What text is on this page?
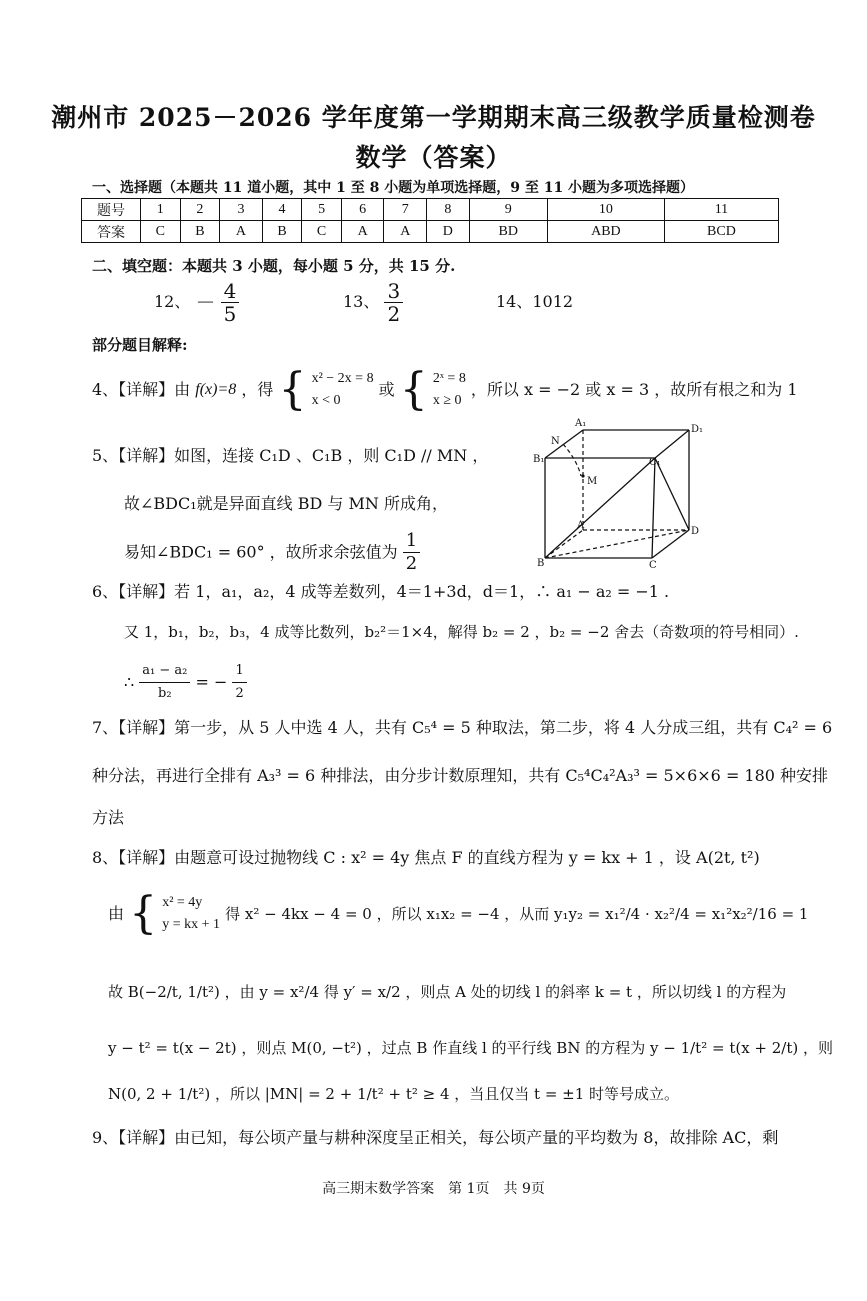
潮州市 2025－2026 学年度第一学期期末高三级教学质量检测卷
数学（答案）
一、选择题（本题共 11 道小题，其中 1 至 8 小题为单项选择题，9 至 11 小题为多项选择题）
题号	1	2	3	4	5	6	7	8	9	10	11
答案	C	B	A	B	C	A	A	D	BD	ABD	BCD
二、填空题：本题共 3 小题，每小题 5 分，共 15 分.
12、 － $\frac{4}{5}$	13、 $\frac{3}{2}$	14、1012
部分题目解释:
4、【详解】由 f(x)=8 ，得 { x² − 2x = 8
x < 0
或 { 2ˣ = 8
x ≥ 0
，所以 x = −2 或 x = 3 ，故所有根之和为 1
5、【详解】如图，连接 C₁D 、C₁B ，则 C₁D // MN ，
故∠BDC₁就是异面直线 BD 与 MN 所成角，
易知∠BDC₁ = 60° ，故所求余弦值为 $\frac{1}{2}$
A₁
D₁
B₁	C₁
N
M
A
B	C
D
6、【详解】若 1，a₁，a₂，4 成等差数列，4＝1+3d，d＝1，∴ a₁ − a₂ = −1 .
又 1，b₁，b₂，b₃，4 成等比数列，b₂²＝1×4，解得 b₂ = 2 ，b₂ = −2 舍去（奇数项的符号相同）.
∴ $\frac{\text{a₁ − a₂}}{\text{b₂}}$ = − $\frac{1}{2}$
7、【详解】第一步，从 5 人中选 4 人，共有 C₅⁴ = 5 种取法，第二步，将 4 人分成三组，共有 C₄² = 6
种分法，再进行全排有 A₃³ = 6 种排法，由分步计数原理知，共有 C₅⁴C₄²A₃³ = 5×6×6 = 180 种安排
方法
8、【详解】由题意可设过抛物线 C : x² = 4y 焦点 F 的直线方程为 y = kx + 1 ，设 A(2t, t²)
由 { x² = 4y
y = kx + 1
得 x² − 4kx − 4 = 0 ，所以 x₁x₂ = −4 ，从而 y₁y₂ = x₁²/4 · x₂²/4 = x₁²x₂²/16 = 1
故 B(−2/t, 1/t²) ，由 y = x²/4 得 y′ = x/2 ，则点 A 处的切线 l 的斜率 k = t ，所以切线 l 的方程为
y − t² = t(x − 2t) ，则点 M(0, −t²) ，过点 B 作直线 l 的平行线 BN 的方程为 y − 1/t² = t(x + 2/t) ，则
N(0, 2 + 1/t²) ，所以 |MN| = 2 + 1/t² + t² ≥ 4 ，当且仅当 t = ±1 时等号成立。
9、【详解】由已知，每公顷产量与耕种深度呈正相关，每公顷产量的平均数为 8，故排除 AC，剩
高三期末数学答案　第 1页　共 9页
